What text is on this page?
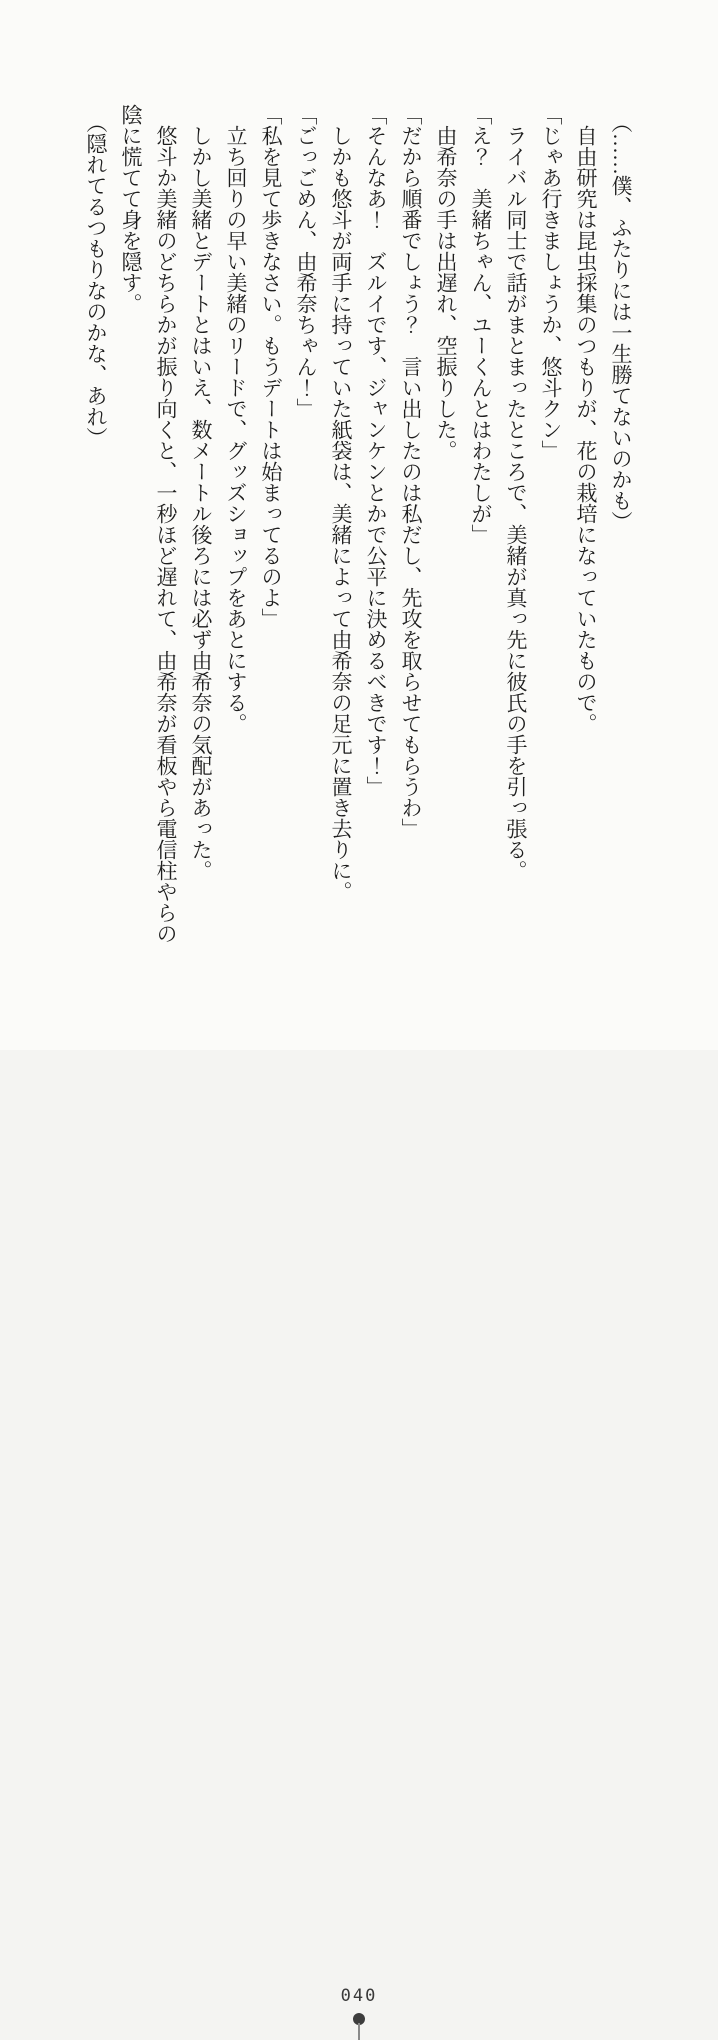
（……僕、ふたりには一生勝てないのかも）

自由研究は昆虫採集のつもりが、花の栽培になっていたもので。

「じゃあ行きましょうか、悠斗クン」

ライバル同士で話がまとまったところで、美緒が真っ先に彼氏の手を引っ張る。

「え？　美緒ちゃん、ユーくんとはわたしが」

由希奈の手は出遅れ、空振りした。

「だから順番でしょう？　言い出したのは私だし、先攻を取らせてもらうわ」

「そんなあ！　ズルイです、ジャンケンとかで公平に決めるべきです！」

しかも悠斗が両手に持っていた紙袋は、美緒によって由希奈の足元に置き去りに。

「ごっごめん、由希奈ちゃん！」

「私を見て歩きなさい。もうデートは始まってるのよ」

立ち回りの早い美緒のリードで、グッズショップをあとにする。

しかし美緒とデートとはいえ、数メートル後ろには必ず由希奈の気配があった。

悠斗か美緒のどちらかが振り向くと、一秒ほど遅れて、由希奈が看板やら電信柱やらの陰に慌てて身を隠す。

（隠れてるつもりなのかな、あれ）

040
